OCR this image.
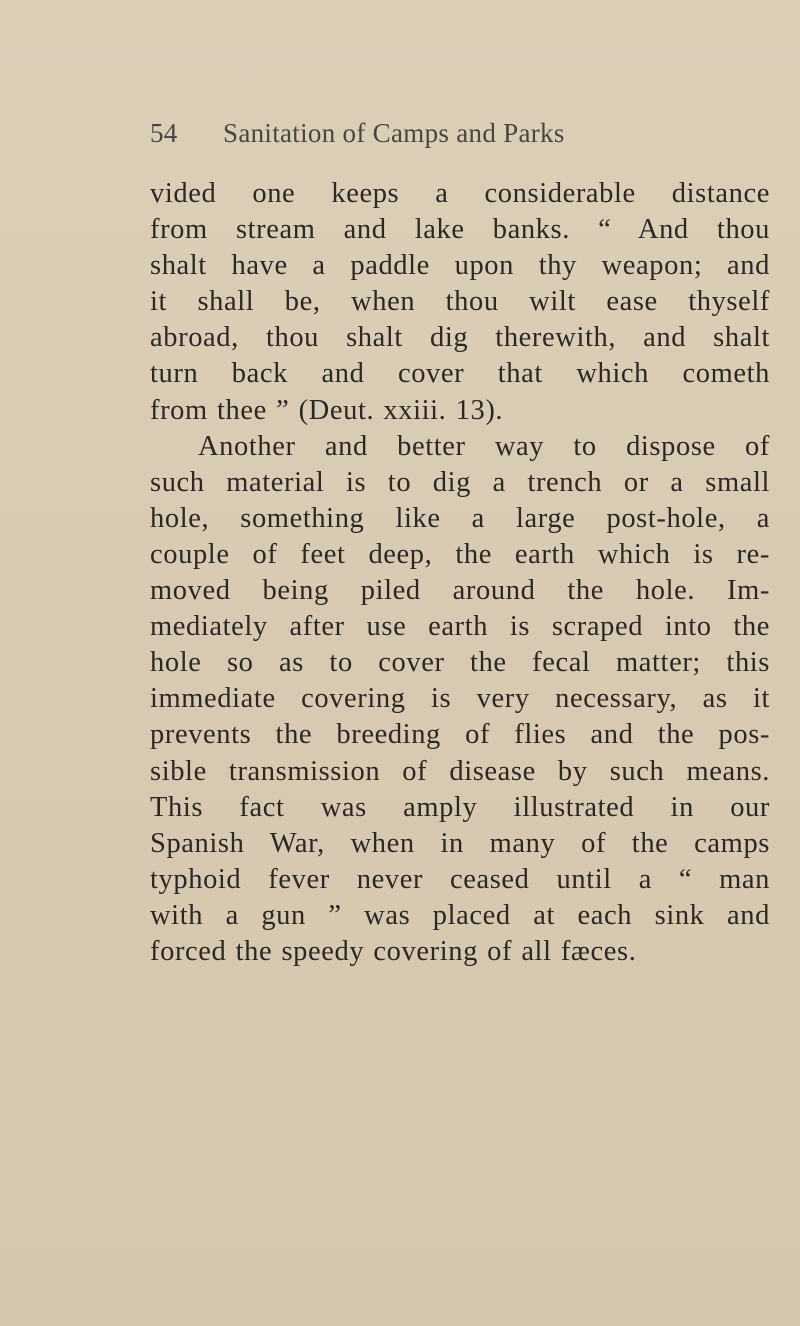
54 Sanitation of Camps and Parks
vided one keeps a considerable distance
from stream and lake banks. “ And thou
shalt have a paddle upon thy weapon; and
it shall be, when thou wilt ease thyself
abroad, thou shalt dig therewith, and shalt
turn back and cover that which cometh
from thee ” (Deut. xxiii. 13).
Another and better way to dispose of
such material is to dig a trench or a small
hole, something like a large post-hole, a
couple of feet deep, the earth which is re-
moved being piled around the hole. Im-
mediately after use earth is scraped into the
hole so as to cover the fecal matter; this
immediate covering is very necessary, as it
prevents the breeding of flies and the pos-
sible transmission of disease by such means.
This fact was amply illustrated in our
Spanish War, when in many of the camps
typhoid fever never ceased until a “ man
with a gun ” was placed at each sink and
forced the speedy covering of all fæces.
